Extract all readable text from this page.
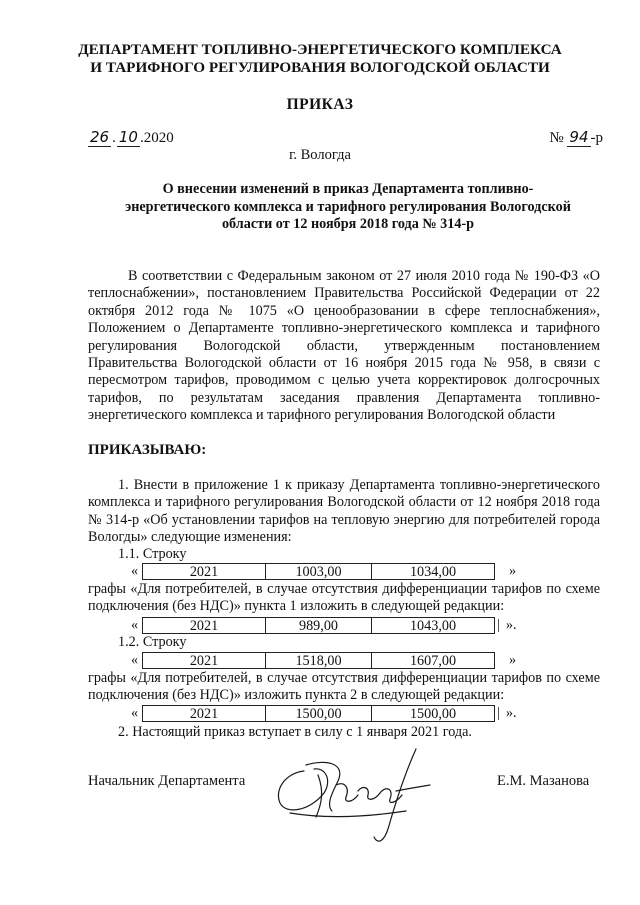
ДЕПАРТАМЕНТ ТОПЛИВНО-ЭНЕРГЕТИЧЕСКОГО КОМПЛЕКСА
И ТАРИФНОГО РЕГУЛИРОВАНИЯ ВОЛОГОДСКОЙ ОБЛАСТИ
ПРИКАЗ
26 . 10 .2020	№ 94 -р
г. Вологда
О внесении изменений в приказ Департамента топливно-
энергетического комплекса и тарифного регулирования Вологодской
области от 12 ноября 2018 года № 314-р
В соответствии с Федеральным законом от 27 июля 2010 года № 190-ФЗ «О теплоснабжении», постановлением Правительства Российской Федерации от 22 октября 2012 года № 1075 «О ценообразовании в сфере теплоснабжения», Положением о Департаменте топливно-энергетического комплекса и тарифного регулирования Вологодской области, утвержденным постановлением Правительства Вологодской области от 16 ноября 2015 года № 958, в связи с пересмотром тарифов, проводимом с целью учета корректировок долгосрочных тарифов, по результатам заседания правления Департамента топливно-энергетического комплекса и тарифного регулирования Вологодской области
ПРИКАЗЫВАЮ:
1. Внести в приложение 1 к приказу Департамента топливно-энергетического комплекса и тарифного регулирования Вологодской области от 12 ноября 2018 года № 314-р «Об установлении тарифов на тепловую энергию для потребителей города Вологды» следующие изменения:
1.1. Строку
«	2021	1003,00	1034,00	»
графы «Для потребителей, в случае отсутствия дифференциации тарифов по схеме подключения (без НДС)» пункта 1 изложить в следующей редакции:
«	2021	989,00	1043,00	| ».
1.2. Строку
«	2021	1518,00	1607,00	»
графы «Для потребителей, в случае отсутствия дифференциации тарифов по схеме подключения (без НДС)» изложить пункта 2 в следующей редакции:
«	2021	1500,00	1500,00	| ».
2. Настоящий приказ вступает в силу с 1 января 2021 года.
Начальник Департамента	Е.М. Мазанова
